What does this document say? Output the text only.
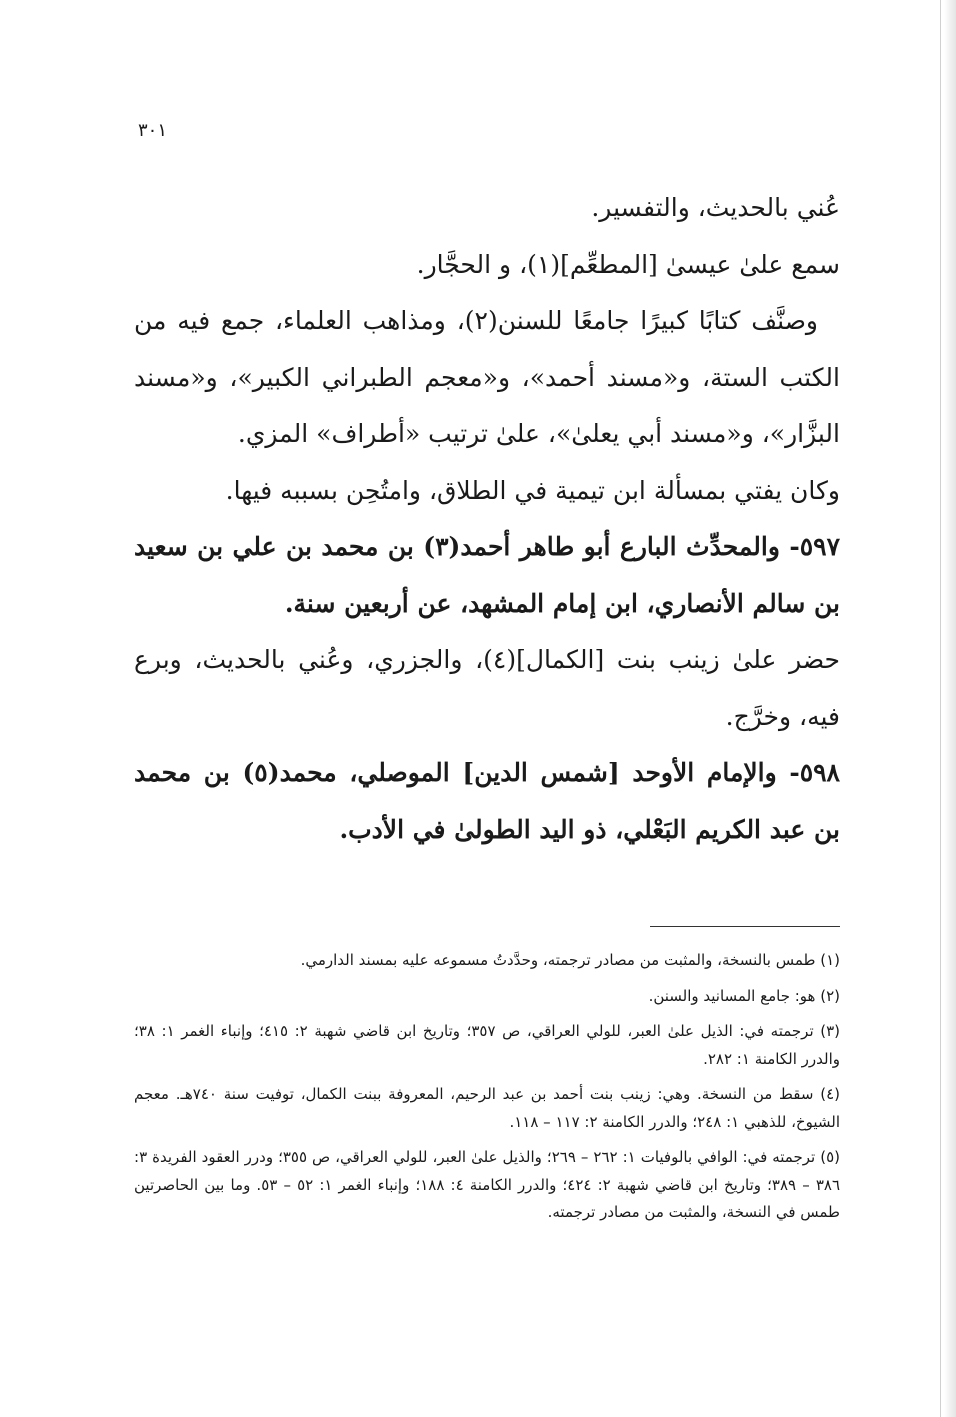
٣٠١

عُني بالحديث، والتفسير.

سمع علىٰ عيسىٰ [المطعِّم](١)، و الحجَّار.

وصنَّف كتابًا كبيرًا جامعًا للسنن(٢)، ومذاهب العلماء، جمع فيه من الكتب الستة، و«مسند أحمد»، و«معجم الطبراني الكبير»، و«مسند البزَّار»، و«مسند أبي يعلىٰ»، علىٰ ترتيب «أطراف» المزي.

وكان يفتي بمسألة ابن تيمية في الطلاق، وامتُحِن بسببه فيها.

٥٩٧- والمحدِّث البارع أبو طاهر أحمد(٣) بن محمد بن علي بن سعيد بن سالم الأنصاري، ابن إمام المشهد، عن أربعين سنة.

حضر علىٰ زينب بنت [الكمال](٤)، والجزري، وعُني بالحديث، وبرع فيه، وخرَّج.

٥٩٨- والإمام الأوحد [شمس الدين] الموصلي، محمد(٥) بن محمد بن عبد الكريم البَعْلي، ذو اليد الطولىٰ في الأدب.

(١) طمس بالنسخة، والمثبت من مصادر ترجمته، وحدَّدتُ مسموعه عليه بمسند الدارمي.

(٢) هو: جامع المسانيد والسنن.

(٣) ترجمته في: الذيل علىٰ العبر، للولي العراقي، ص ٣٥٧؛ وتاريخ ابن قاضي شهبة ٢: ٤١٥؛ وإنباء الغمر ١: ٣٨؛ والدرر الكامنة ١: ٢٨٢.

(٤) سقط من النسخة. وهي: زينب بنت أحمد بن عبد الرحيم، المعروفة ببنت الكمال، توفيت سنة ٧٤٠هـ. معجم الشيوخ، للذهبي ١: ٢٤٨؛ والدرر الكامنة ٢: ١١٧ – ١١٨.

(٥) ترجمته في: الوافي بالوفيات ١: ٢٦٢ – ٢٦٩؛ والذيل علىٰ العبر، للولي العراقي، ص ٣٥٥؛ ودرر العقود الفريدة ٣: ٣٨٦ – ٣٨٩؛ وتاريخ ابن قاضي شهبة ٢: ٤٢٤؛ والدرر الكامنة ٤: ١٨٨؛ وإنباء الغمر ١: ٥٢ – ٥٣. وما بين الحاصرتين طمس في النسخة، والمثبت من مصادر ترجمته.
